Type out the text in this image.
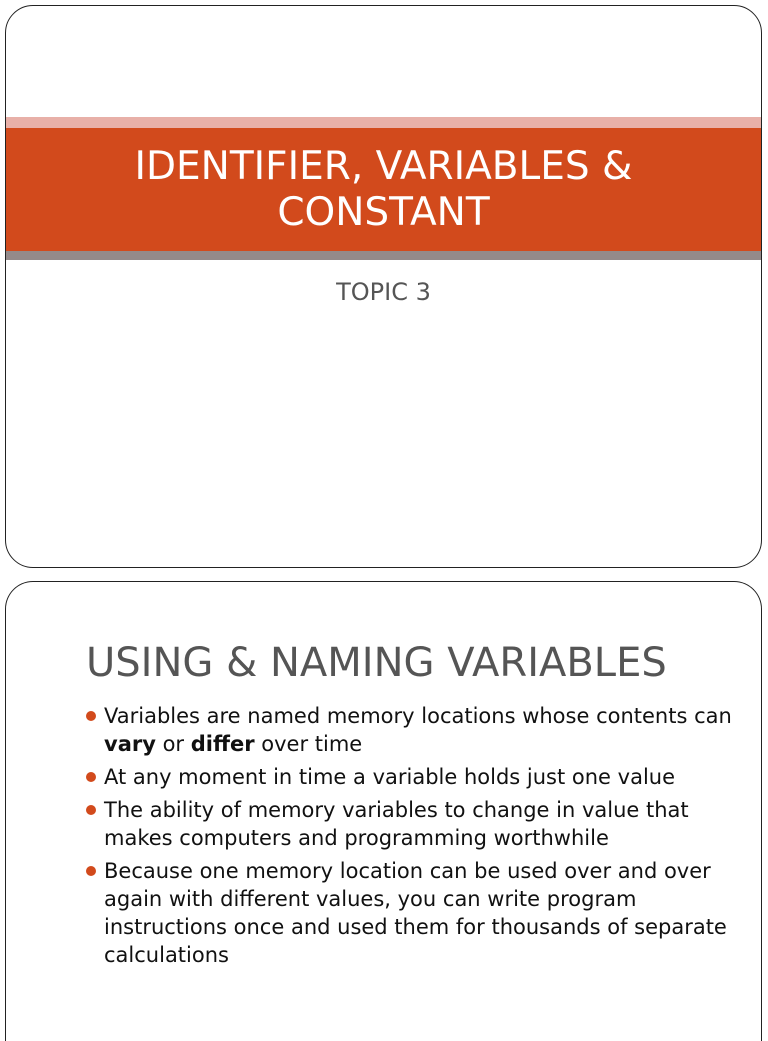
IDENTIFIER, VARIABLES &
CONSTANT
TOPIC 3
USING & NAMING VARIABLES
Variables are named memory locations whose contents can vary or differ over time
At any moment in time a variable holds just one value
The ability of memory variables to change in value that makes computers and programming worthwhile
Because one memory location can be used over and over again with different values, you can write program instructions once and used them for thousands of separate calculations
